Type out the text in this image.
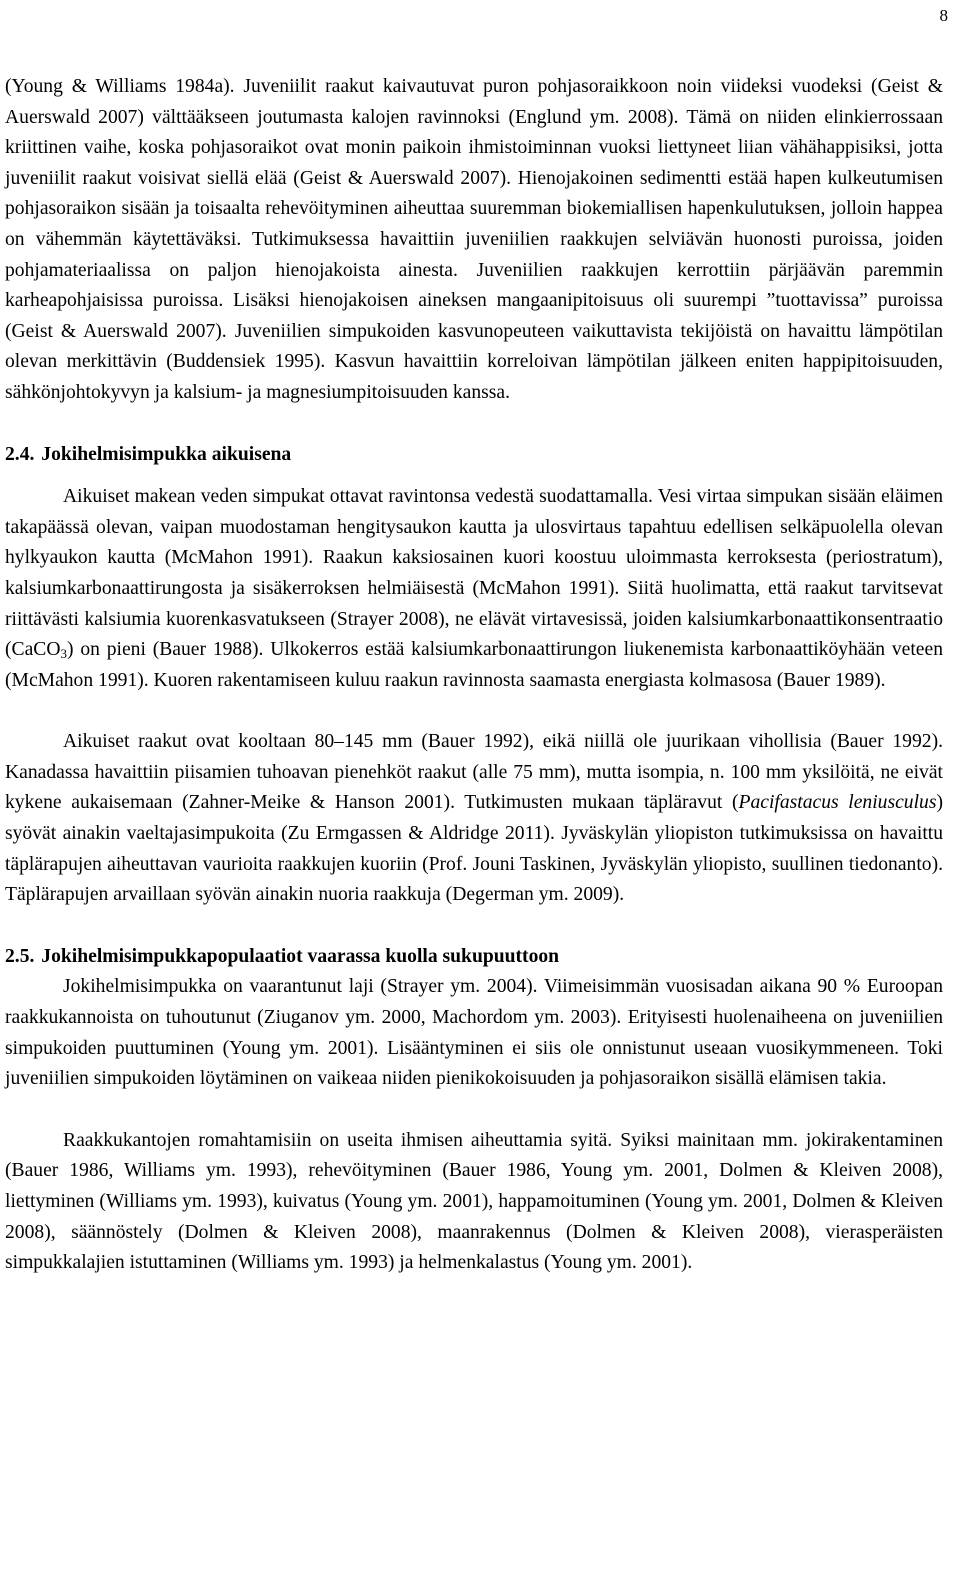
8

(Young & Williams 1984a). Juveniilit raakut kaivautuvat puron pohjasoraikkoon noin viideksi vuodeksi (Geist & Auerswald 2007) välttääkseen joutumasta kalojen ravinnoksi (Englund ym. 2008). Tämä on niiden elinkierrossaan kriittinen vaihe, koska pohjasoraikot ovat monin paikoin ihmistoiminnan vuoksi liettyneet liian vähähappisiksi, jotta juveniilit raakut voisivat siellä elää (Geist & Auerswald 2007). Hienojakoinen sedimentti estää hapen kulkeutumisen pohjasoraikon sisään ja toisaalta rehevöityminen aiheuttaa suuremman biokemiallisen hapenkulutuksen, jolloin happea on vähemmän käytettäväksi. Tutkimuksessa havaittiin juveniilien raakkujen selviävän huonosti puroissa, joiden pohjamateriaalissa on paljon hienojakoista ainesta. Juveniilien raakkujen kerrottiin pärjäävän paremmin karheapohjaisissa puroissa. Lisäksi hienojakoisen aineksen mangaanipitoisuus oli suurempi ”tuottavissa” puroissa (Geist & Auerswald 2007). Juveniilien simpukoiden kasvunopeuteen vaikuttavista tekijöistä on havaittu lämpötilan olevan merkittävin (Buddensiek 1995). Kasvun havaittiin korreloivan lämpötilan jälkeen eniten happipitoisuuden, sähkönjohtokyvyn ja kalsium- ja magnesiumpitoisuuden kanssa.

2.4. Jokihelmisimpukka aikuisena

Aikuiset makean veden simpukat ottavat ravintonsa vedestä suodattamalla. Vesi virtaa simpukan sisään eläimen takapäässä olevan, vaipan muodostaman hengitysaukon kautta ja ulosvirtaus tapahtuu edellisen selkäpuolella olevan hylkyaukon kautta (McMahon 1991). Raakun kaksiosainen kuori koostuu uloimmasta kerroksesta (periostratum), kalsiumkarbonaattirungosta ja sisäkerroksen helmiäisestä (McMahon 1991). Siitä huolimatta, että raakut tarvitsevat riittävästi kalsiumia kuorenkasvatukseen (Strayer 2008), ne elävät virtavesissä, joiden kalsiumkarbonaattikonsentraatio (CaCO$_3$) on pieni (Bauer 1988). Ulkokerros estää kalsiumkarbonaattirungon liukenemista karbonaattiköyhään veteen (McMahon 1991). Kuoren rakentamiseen kuluu raakun ravinnosta saamasta energiasta kolmasosa (Bauer 1989).

Aikuiset raakut ovat kooltaan 80–145 mm (Bauer 1992), eikä niillä ole juurikaan vihollisia (Bauer 1992). Kanadassa havaittiin piisamien tuhoavan pienehköt raakut (alle 75 mm), mutta isompia, n. 100 mm yksilöitä, ne eivät kykene aukaisemaan (Zahner-Meike & Hanson 2001). Tutkimusten mukaan täpläravut (Pacifastacus leniusculus) syövät ainakin vaeltajasimpukoita (Zu Ermgassen & Aldridge 2011). Jyväskylän yliopiston tutkimuksissa on havaittu täplärapujen aiheuttavan vaurioita raakkujen kuoriin (Prof. Jouni Taskinen, Jyväskylän yliopisto, suullinen tiedonanto). Täplärapujen arvaillaan syövän ainakin nuoria raakkuja (Degerman ym. 2009).

2.5. Jokihelmisimpukkapopulaatiot vaarassa kuolla sukupuuttoon

Jokihelmisimpukka on vaarantunut laji (Strayer ym. 2004). Viimeisimmän vuosisadan aikana 90 % Euroopan raakkukannoista on tuhoutunut (Ziuganov ym. 2000, Machordom ym. 2003). Erityisesti huolenaiheena on juveniilien simpukoiden puuttuminen (Young ym. 2001). Lisääntyminen ei siis ole onnistunut useaan vuosikymmeneen. Toki juveniilien simpukoiden löytäminen on vaikeaa niiden pienikokoisuuden ja pohjasoraikon sisällä elämisen takia.

Raakkukantojen romahtamisiin on useita ihmisen aiheuttamia syitä. Syiksi mainitaan mm. jokirakentaminen (Bauer 1986, Williams ym. 1993), rehevöityminen (Bauer 1986, Young ym. 2001, Dolmen & Kleiven 2008), liettyminen (Williams ym. 1993), kuivatus (Young ym. 2001), happamoituminen (Young ym. 2001, Dolmen & Kleiven 2008), säännöstely (Dolmen & Kleiven 2008), maanrakennus (Dolmen & Kleiven 2008), vierasperäisten simpukkalajien istuttaminen (Williams ym. 1993) ja helmenkalastus (Young ym. 2001).
